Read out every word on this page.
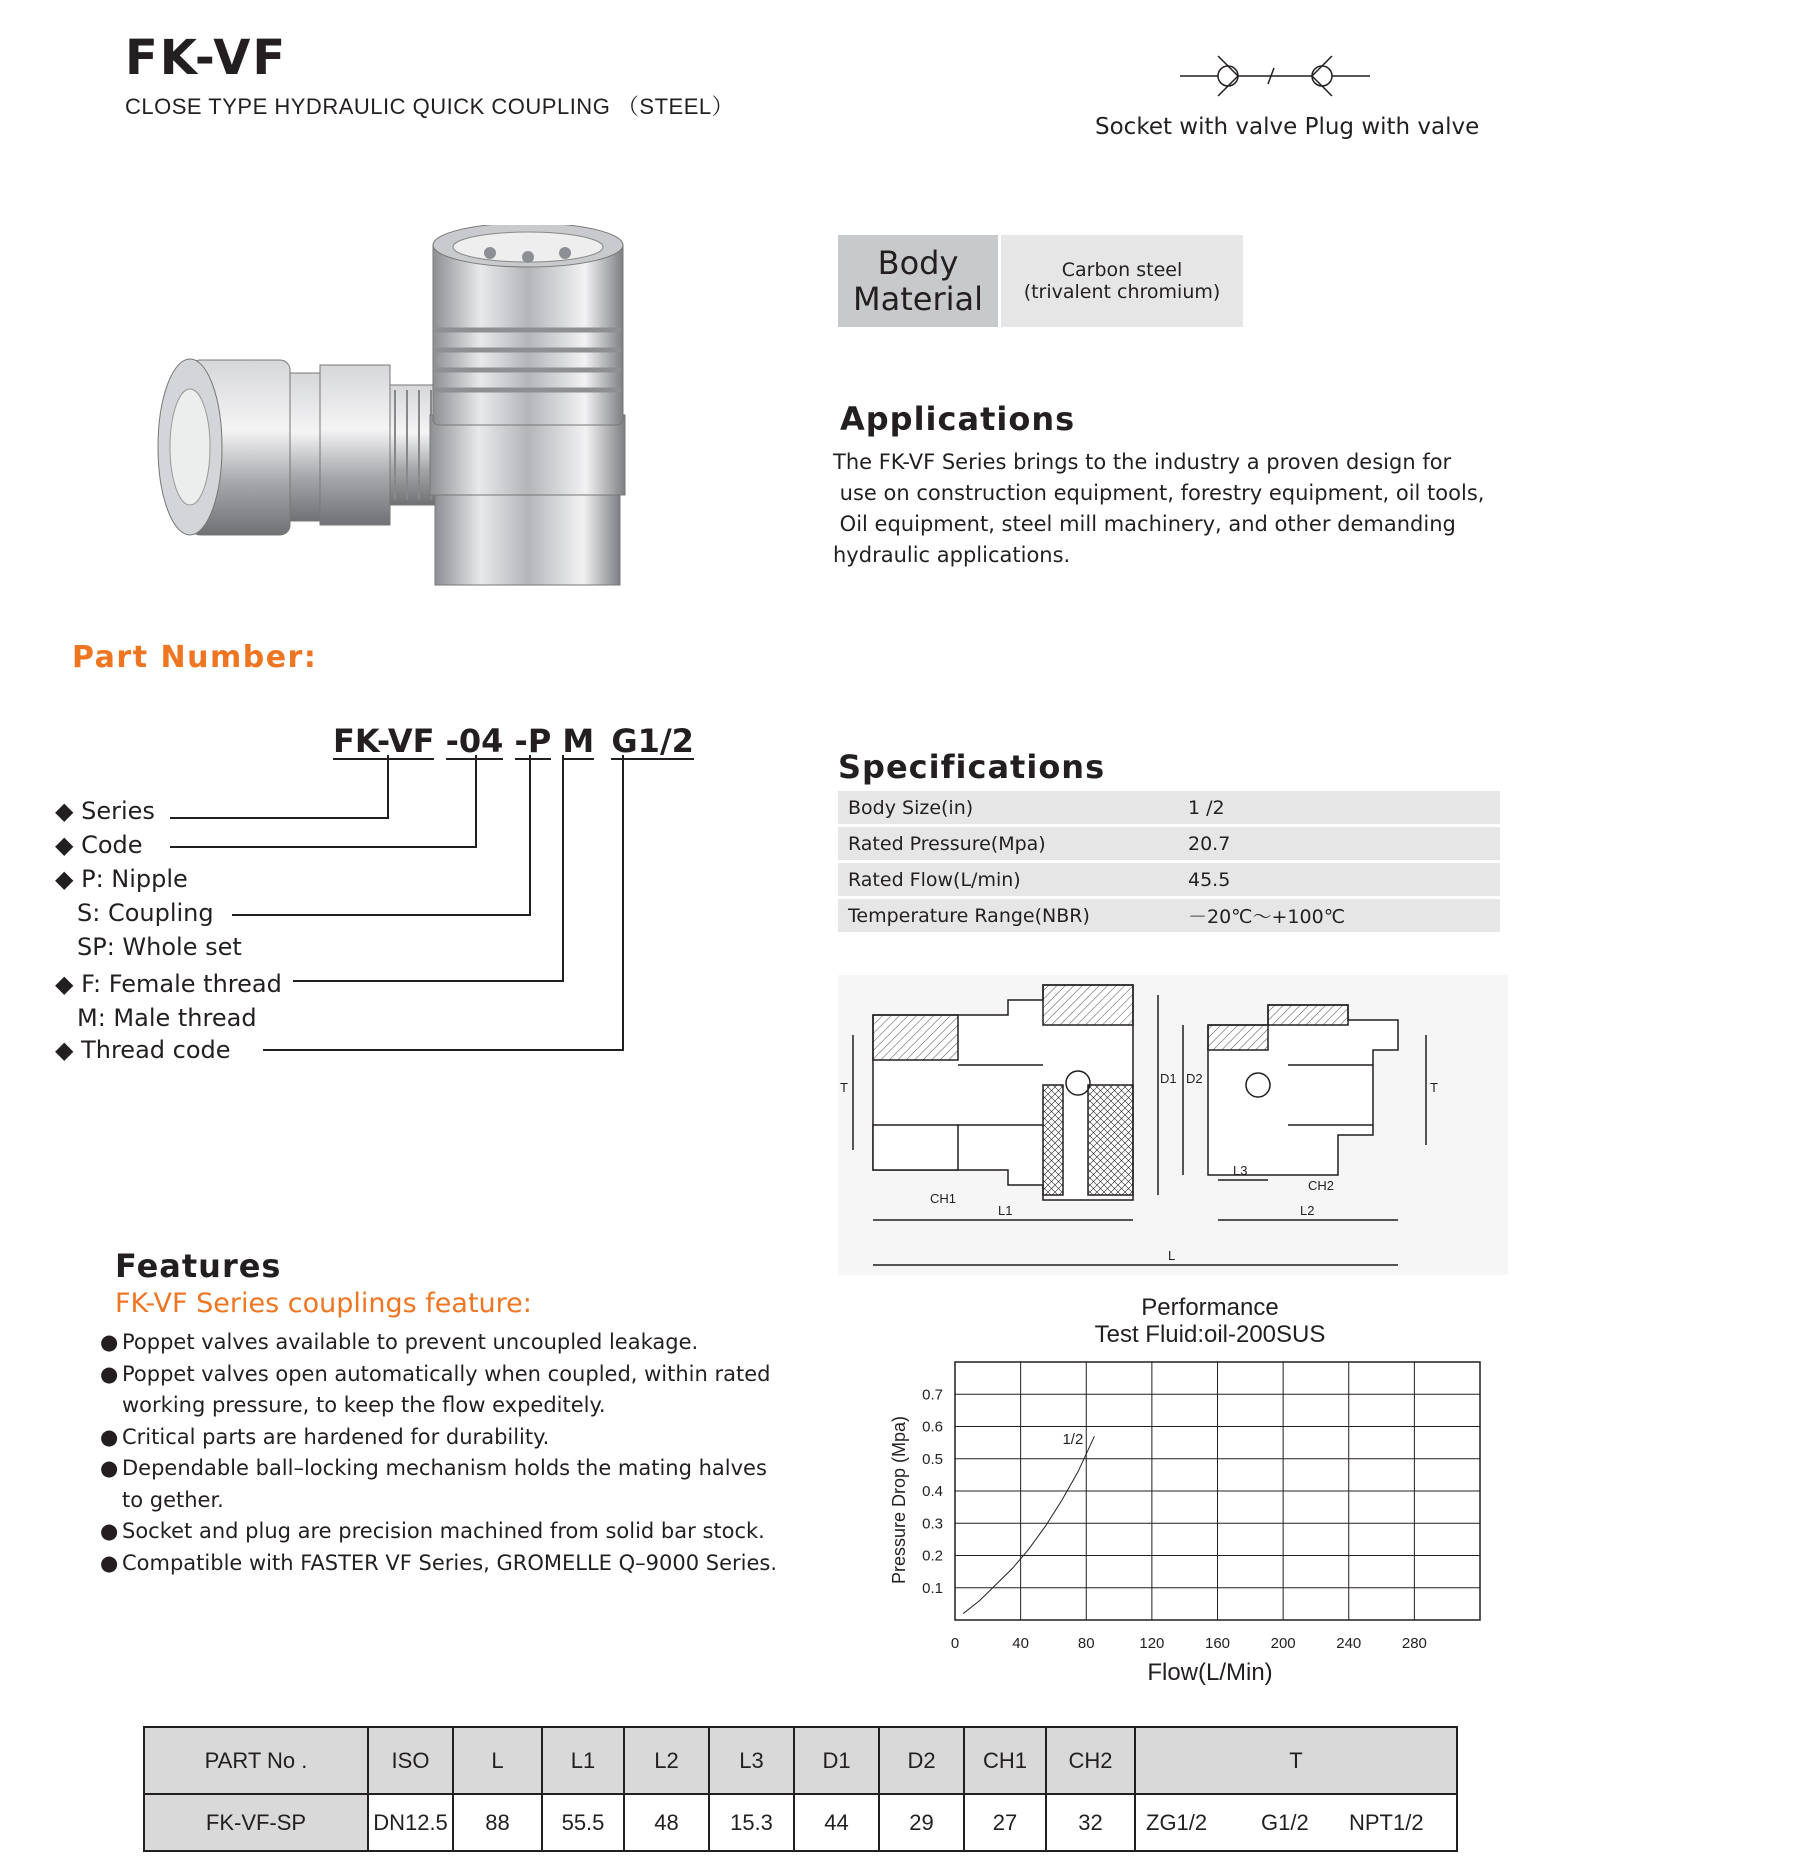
FK-VF
CLOSE TYPE HYDRAULIC QUICK COUPLING （STEEL）
Socket with valve Plug with valve
Body
Material
Carbon steel
(trivalent chromium)
Applications
The FK-VF Series brings to the industry a proven design for
use on construction equipment, forestry equipment, oil tools,
Oil equipment, steel mill machinery, and other demanding
hydraulic applications.
Part Number:
FK-VF -04 -P M G1/2
◆ Series
◆ Code
◆ P: Nipple
S: Coupling
SP: Whole set
◆ F: Female thread
M: Male thread
◆ Thread code
Specifications
Body Size(in)	1 /2
Rated Pressure(Mpa)	20.7
Rated Flow(L/min)	45.5
Temperature Range(NBR)	－20℃～+100℃
T
D1 D2
T
CH1
L1
L3
CH2
L2
L
Features
FK-VF Series couplings feature:
● Poppet valves available to prevent uncoupled leakage.
● Poppet valves open automatically when coupled, within rated working pressure, to keep the flow expeditely.
● Critical parts are hardened for durability.
● Dependable ball–locking mechanism holds the mating halves to gether.
● Socket and plug are precision machined from solid bar stock.
● Compatible with FASTER VF Series, GROMELLE Q–9000 Series.
Performance
Test Fluid:oil-200SUS
Flow(L/Min)
Pressure Drop (Mpa)
0.1
0.2
0.3
0.4
0.5
0.6
0.7
0	40	80	120	160	200	240	280
1/2
PART No .	ISO	L	L1	L2	L3	D1	D2	CH1	CH2	T
FK-VF-SP	DN12.5	88	55.5	48	15.3	44	29	27	32	ZG1/2 G1/2 NPT1/2
